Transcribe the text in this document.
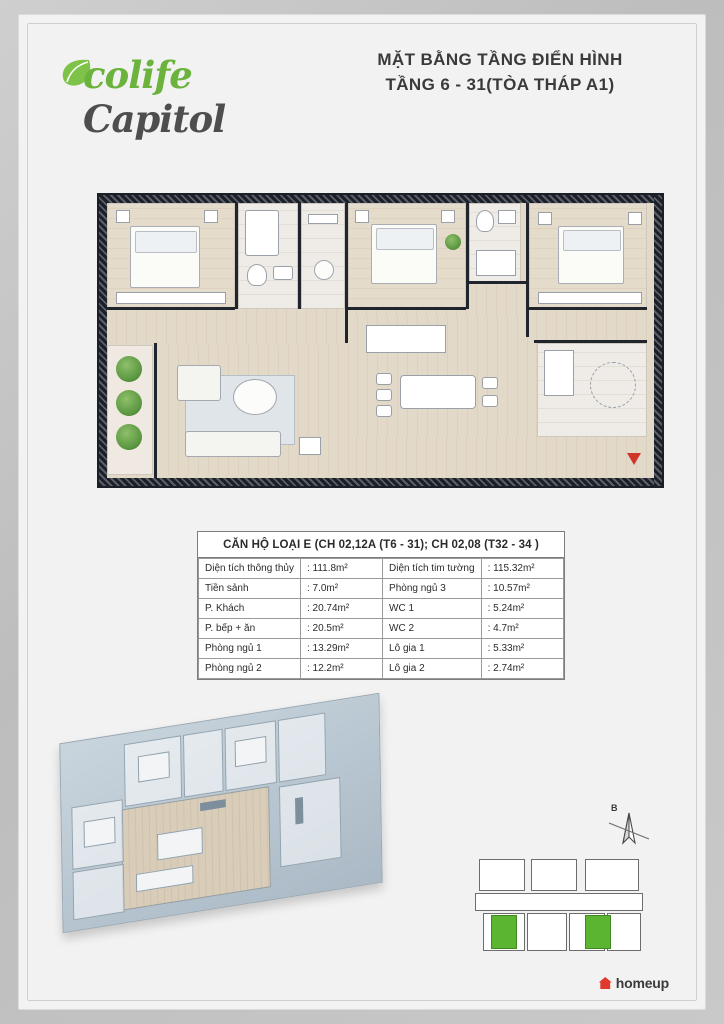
colife Capitol
MẶT BẰNG TẦNG ĐIỂN HÌNH
TẦNG 6 - 31(TÒA THÁP A1)
CĂN HỘ LOẠI E (CH 02,12A (T6 - 31); CH 02,08 (T32 - 34 )
Diện tích thông thủy	: 111.8m²	Diện tích tim tường	: 115.32m²
Tiền sảnh	: 7.0m²	Phòng ngủ 3	: 10.57m²
P. Khách	: 20.74m²	WC 1	: 5.24m²
P. bếp + ăn	: 20.5m²	WC 2	: 4.7m²
Phòng ngủ 1	: 13.29m²	Lô gia 1	: 5.33m²
Phòng ngủ 2	: 12.2m²	Lô gia 2	: 2.74m²
B
homeup
